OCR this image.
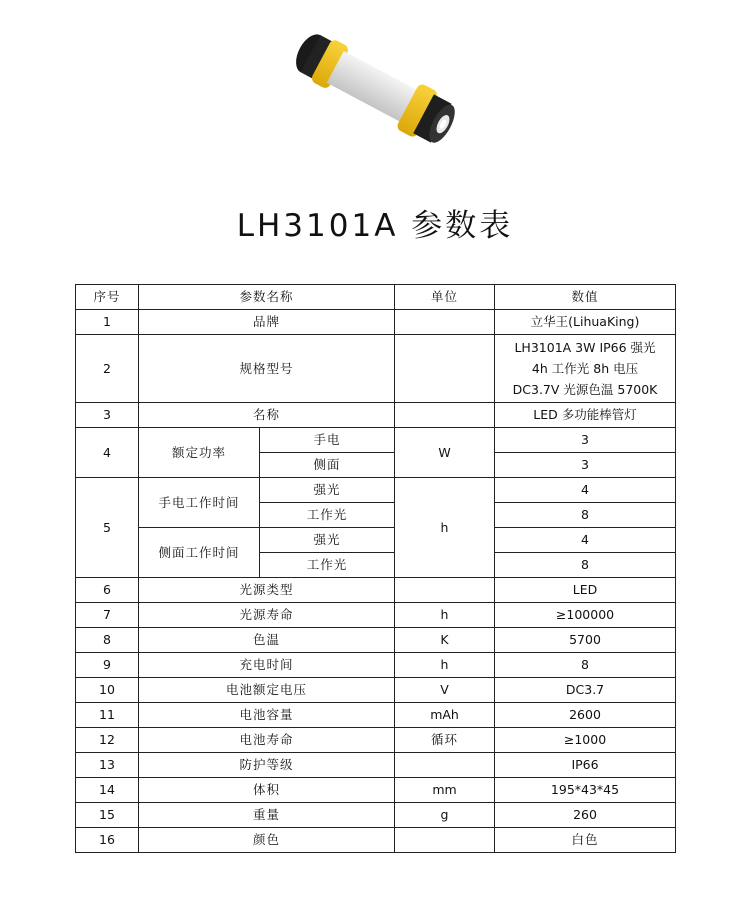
LH3101A 参数表
序号	参数名称		单位	数值
1	品牌			立华王(LihuaKing)
2	规格型号			LH3101A 3W IP66 强光
4h 工作光 8h 电压
DC3.7V 光源色温 5700K

3	名称			LED 多功能棒管灯
4	额定功率	手电	W	3
		侧面		3
5	手电工作时间	强光	h	4
		工作光		8
	侧面工作时间	强光		4
		工作光		8
6	光源类型			LED
7	光源寿命		h	≥100000
8	色温		K	5700
9	充电时间		h	8
10	电池额定电压		V	DC3.7
11	电池容量		mAh	2600
12	电池寿命		循环	≥1000
13	防护等级			IP66
14	体积		mm	195*43*45
15	重量		g	260
16	颜色			白色
